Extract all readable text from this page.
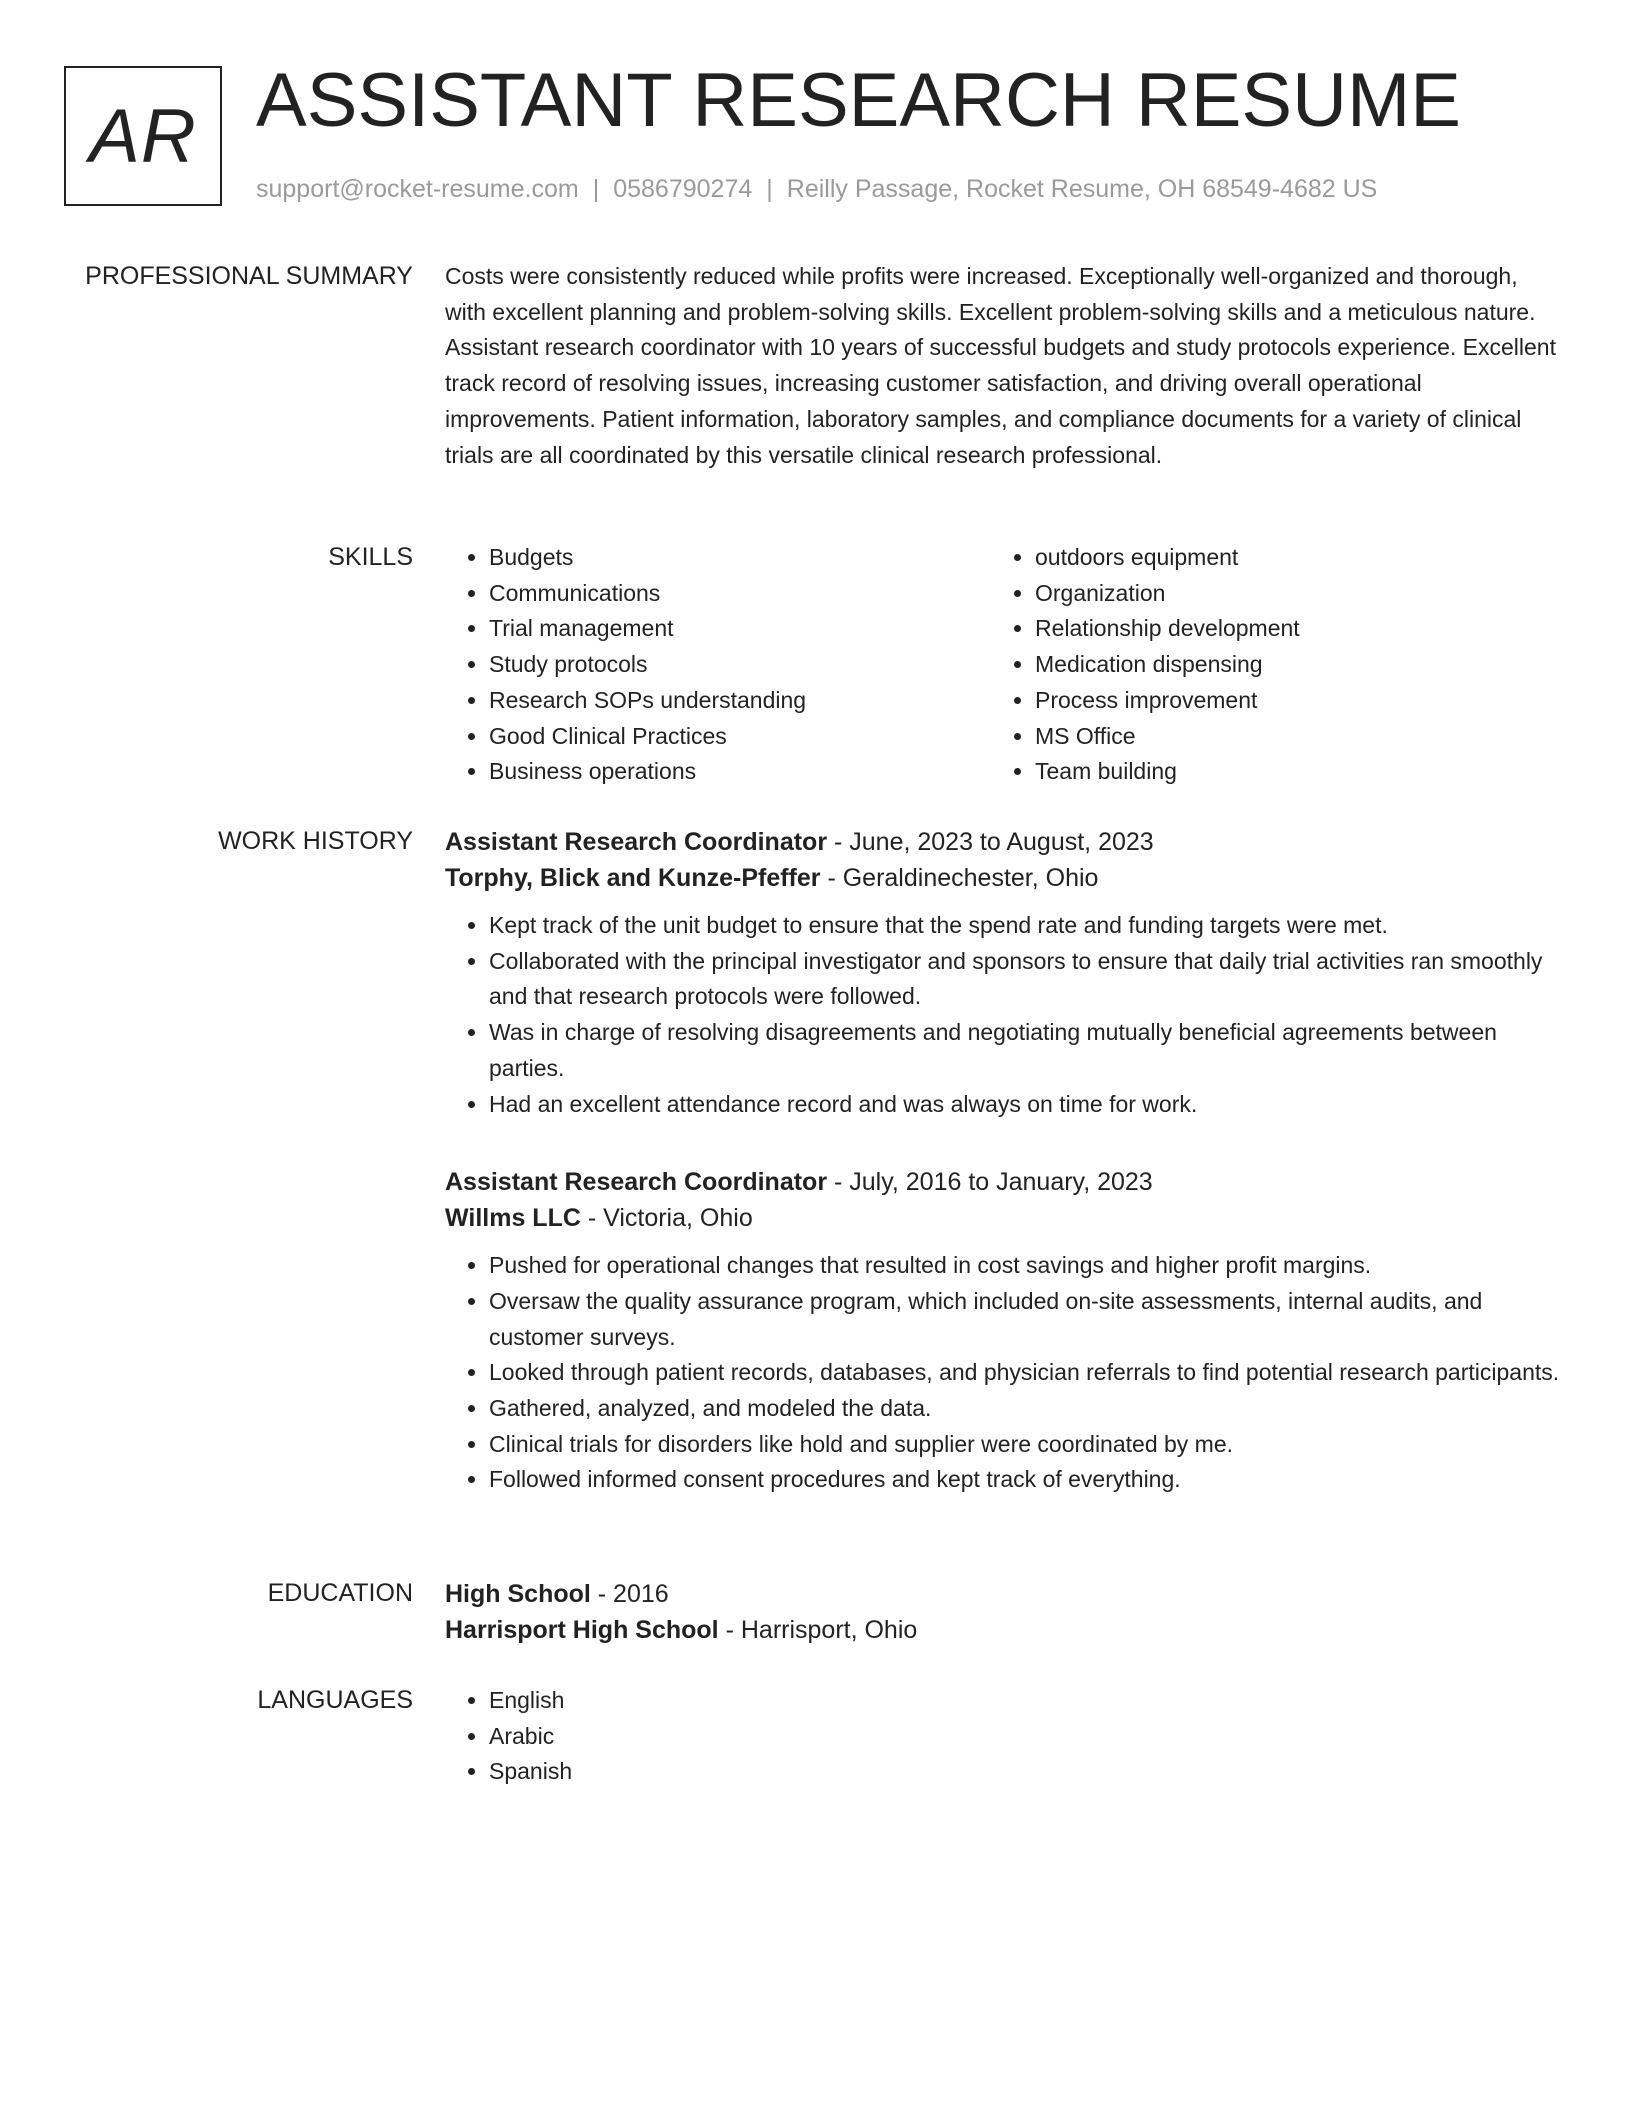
AR ASSISTANT RESEARCH RESUME
support@rocket-resume.com | 0586790274 | Reilly Passage, Rocket Resume, OH 68549-4682 US
PROFESSIONAL SUMMARY Costs were consistently reduced while profits were increased. Exceptionally well-organized and thorough, with excellent planning and problem-solving skills. Excellent problem-solving skills and a meticulous nature. Assistant research coordinator with 10 years of successful budgets and study protocols experience. Excellent track record of resolving issues, increasing customer satisfaction, and driving overall operational improvements. Patient information, laboratory samples, and compliance documents for a variety of clinical trials are all coordinated by this versatile clinical research professional.

SKILLS	• Budgets
• Communications
• Trial management
• Study protocols
• Research SOPs understanding
• Good Clinical Practices
• Business operations
• outdoors equipment
• Organization
• Relationship development
• Medication dispensing
• Process improvement
• MS Office
• Team building
WORK HISTORY Assistant Research Coordinator - June, 2023 to August, 2023
Torphy, Blick and Kunze-Pfeffer - Geraldinechester, Ohio
• Kept track of the unit budget to ensure that the spend rate and funding targets were met.
• Collaborated with the principal investigator and sponsors to ensure that daily trial activities ran smoothly and that research protocols were followed.
• Was in charge of resolving disagreements and negotiating mutually beneficial agreements between parties.
• Had an excellent attendance record and was always on time for work.
Assistant Research Coordinator - July, 2016 to January, 2023
Willms LLC - Victoria, Ohio
• Pushed for operational changes that resulted in cost savings and higher profit margins.
• Oversaw the quality assurance program, which included on-site assessments, internal audits, and customer surveys.
• Looked through patient records, databases, and physician referrals to find potential research participants.
• Gathered, analyzed, and modeled the data.
• Clinical trials for disorders like hold and supplier were coordinated by me.
• Followed informed consent procedures and kept track of everything.
EDUCATION High School - 2016
Harrisport High School - Harrisport, Ohio
LANGUAGES	• English
• Arabic
• Spanish
